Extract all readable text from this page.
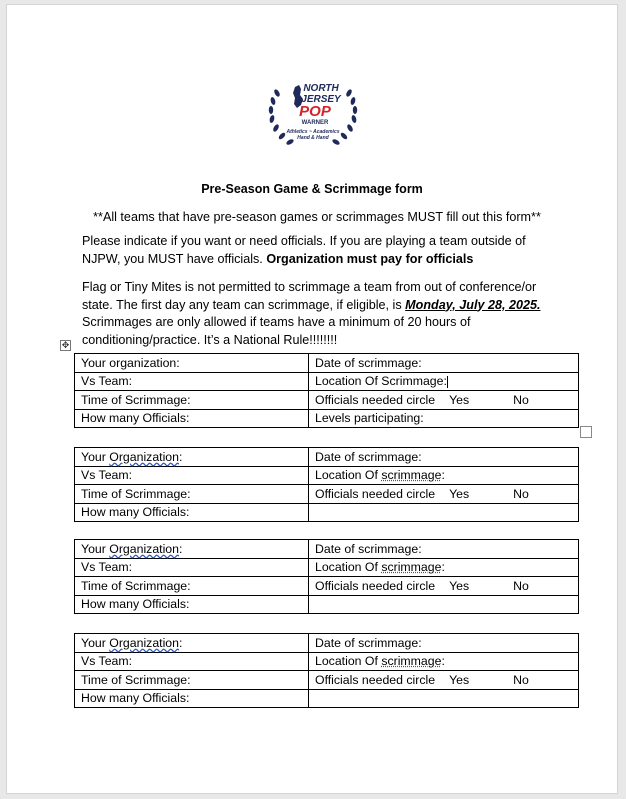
NORTH
JERSEY
POP
WARNER
Athletics ~ Academics
Hand & Hand
Pre-Season Game & Scrimmage form
**All teams that have pre-season games or scrimmages MUST fill out this form**
Please indicate if you want or need officials. If you are playing a team outside of NJPW, you MUST have officials. Organization must pay for officials
Flag or Tiny Mites is not permitted to scrimmage a team from out of conference/or state. The first day any team can scrimmage, if eligible, is Monday, July 28, 2025. Scrimmages are only allowed if teams have a minimum of 20 hours of conditioning/practice. It’s a National Rule!!!!!!!!
✥
Your organization:	Date of scrimmage:
Vs Team:	Location Of Scrimmage:
Time of Scrimmage:	Officials needed circle Yes No
How many Officials:	Levels participating:
Your Organization:	Date of scrimmage:
Vs Team:	Location Of scrimmage:
Time of Scrimmage:	Officials needed circle Yes No
How many Officials:	
Your Organization:	Date of scrimmage:
Vs Team:	Location Of scrimmage:
Time of Scrimmage:	Officials needed circle Yes No
How many Officials:	
Your Organization:	Date of scrimmage:
Vs Team:	Location Of scrimmage:
Time of Scrimmage:	Officials needed circle Yes No
How many Officials:	
